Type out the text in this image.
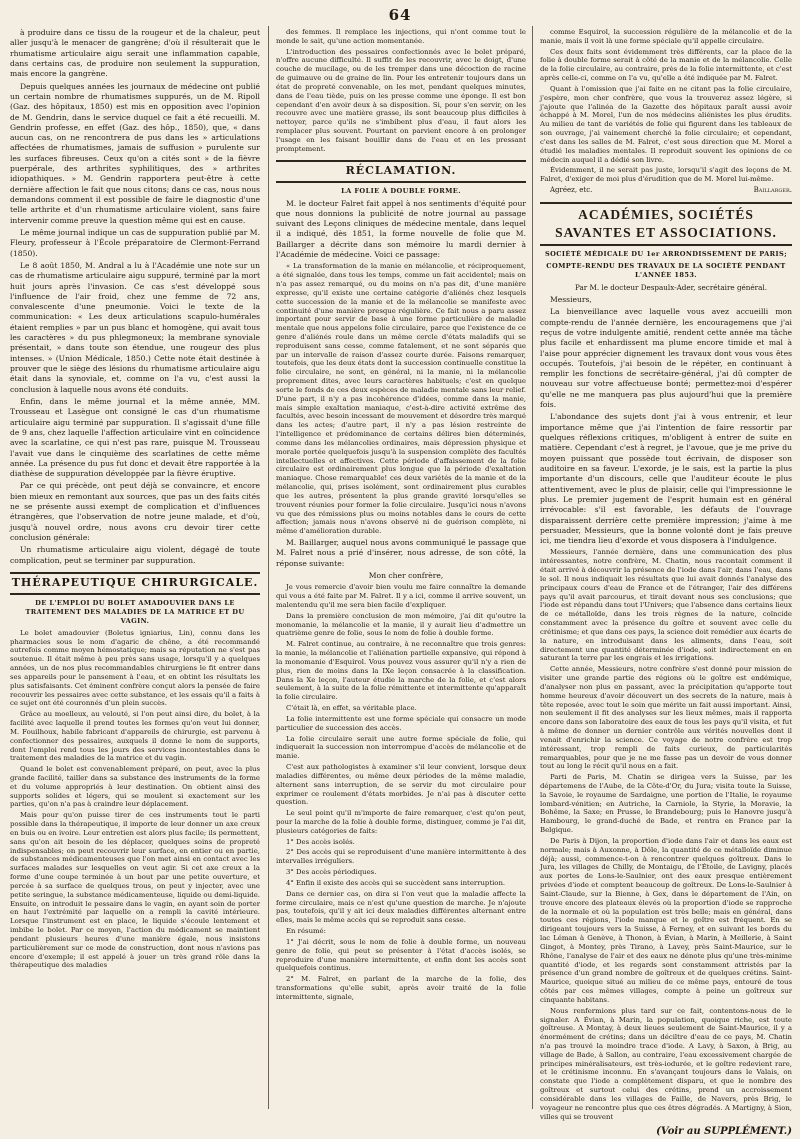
64

à produire dans ce tissu de la rougeur et de la chaleur, peut aller jusqu'à le menacer de gangrène; d'où il résulterait que le rhumatisme articulaire aigu serait une inflammation capable, dans certains cas, de produire non seulement la suppuration, mais encore la gangrène.

Depuis quelques années les journaux de médecine ont publié un certain nombre de rhumatismes suppurés, un de M. Ripoll (Gaz. des hôpitaux, 1850) est mis en opposition avec l'opinion de M. Gendrin, dans le service duquel ce fait a été recueilli. M. Gendrin professe, en effet (Gaz. des hôp., 1850), que, « dans aucun cas, on ne rencontrera de pus dans les » articulations affectées de rhumatismes, jamais de suffusion » purulente sur les surfaces fibreuses. Ceux qu'on a cités sont » de la fièvre puerpérale, des arthrites syphilitiques, des » arthrites idiopathiques. » M. Gendrin rapportera peut-être à cette dernière affection le fait que nous citons; dans ce cas, nous nous demandons comment il est possible de faire le diagnostic d'une telle arthrite et d'un rhumatisme articulaire violent, sans faire intervenir comme preuve la question même qui est en cause.

Le même journal indique un cas de suppuration publié par M. Fleury, professeur à l'École préparatoire de Clermont-Ferrand (1850).

Le 8 août 1850, M. Andral a lu à l'Académie une note sur un cas de rhumatisme articulaire aigu suppuré, terminé par la mort huit jours après l'invasion. Ce cas s'est développé sous l'influence de l'air froid, chez une femme de 72 ans, convalescente d'une pneumonie. Voici le texte de la communication: « Les deux articulations scapulo-humérales étaient remplies » par un pus blanc et homogène, qui avait tous les caractères » du pus phlegmoneux; la membrane synoviale présentait, » dans toute son étendue, une rougeur des plus intenses. » (Union Médicale, 1850.) Cette note était destinée à prouver que le siège des lésions du rhumatisme articulaire aigu était dans la synoviale, et, comme on l'a vu, c'est aussi la conclusion à laquelle nous avons été conduits.

Enfin, dans le même journal et la même année, MM. Trousseau et Lasègue ont consigné le cas d'un rhumatisme articulaire aigu terminé par suppuration. Il s'agissait d'une fille de 9 ans, chez laquelle l'affection articulaire vint en coïncidence avec la scarlatine, ce qui n'est pas rare, puisque M. Trousseau l'avait vue dans le cinquième des scarlatines de cette même année. La présence du pus fut donc et devait être rapportée à la diathèse de suppuration développée par la fièvre éruptive.

Par ce qui précède, ont peut déjà se convaincre, et encore bien mieux en remontant aux sources, que pas un des faits cités ne se présente aussi exempt de complication et d'influences étrangères, que l'observation de notre jeune malade, et d'où, jusqu'à nouvel ordre, nous avons cru devoir tirer cette conclusion générale:

Un rhumatisme articulaire aigu violent, dégagé de toute complication, peut se terminer par suppuration.

THÉRAPEUTIQUE CHIRURGICALE.
DE L'EMPLOI DU BOLET AMADOUVIER DANS LE TRAITEMENT DES MALADIES DE LA MATRICE ET DU VAGIN.

Le bolet amadouvier (Boletus igniarius, Lin), connu dans les pharmacies sous le nom d'agaric de chêne, a été recommandé autrefois comme moyen hémostatique; mais sa réputation ne s'est pas soutenue. Il était même à peu près sans usage, lorsqu'il y a quelques années, un de nos plus recommandables chirurgiens le fit entrer dans ses appareils pour le pansement à l'eau, et en obtint les résultats les plus satisfaisants. Cet éminent confrère conçut alors la pensée de faire recouvrir les pessaires avec cette substance, et les essais qu'il a faits à ce sujet ont été couronnés d'un plein succès.

Grâce au moelleux, au velouté, si l'on peut ainsi dire, du bolet, à la facilité avec laquelle il prend toutes les formes qu'on veut lui donner, M. Fouilhoux, habile fabricant d'appareils de chirurgie, est parvenu à confectionner des pessaires, auxquels il donne le nom de supports, dont l'emploi rend tous les jours des services incontestables dans le traitement des maladies de la matrice et du vagin.

Quand le bolet est convenablement préparé, on peut, avec la plus grande facilité, tailler dans sa substance des instruments de la forme et du volume appropriés à leur destination. On obtient ainsi des supports solides et légers, qui se moulent si exactement sur les parties, qu'on n'a pas à craindre leur déplacement.

Mais pour qu'on puisse tirer de ces instruments tout le parti possible dans la thérapeutique, il importe de leur donner un axe creux en buis ou en ivoire. Leur entretien est alors plus facile; ils permettent, sans qu'on ait besoin de les déplacer, quelques soins de propreté indispensables; on peut recouvrir leur surface, en entier ou en partie, de substances médicamenteuses que l'on met ainsi en contact avec les surfaces malades sur lesquelles on veut agir. Si cet axe creux a la forme d'une coupe terminée à un bout par une petite ouverture, et percée à sa surface de quelques trous, on peut y injecter, avec une petite seringue, la substance médicamenteuse, liquide ou demi-liquide. Ensuite, on introduit le pessaire dans le vagin, en ayant soin de porter en haut l'extrémité par laquelle on a rempli la cavité intérieure. Lorsque l'instrument est en place, le liquide s'écoule lentement et imbibe le bolet. Par ce moyen, l'action du médicament se maintient pendant plusieurs heures d'une manière égale, nous insistons particulièrement sur ce mode de construction, dont nous n'avions pas encore d'exemple; il est appelé à jouer un très grand rôle dans la thérapeutique des maladies

des femmes. Il remplace les injections, qui n'ont comme tout le monde le sait, qu'une action momentanée.

L'introduction des pessaires confectionnés avec le bolet préparé, n'offre aucune difficulté. Il suffit de les recouvrir, avec le doigt, d'une couche de mucilage, ou de les tremper dans une décoction de racine de guimauve ou de graine de lin. Pour les entretenir toujours dans un état de propreté convenable, on les met, pendant quelques minutes, dans de l'eau tiède, puis on les presse comme une éponge. Il est bon cependant d'en avoir deux à sa disposition. Si, pour s'en servir, on les recouvre avec une matière grasse, ils sont beaucoup plus difficiles à nettoyer, parce qu'ils ne s'imbibent plus d'eau, il faut alors les remplacer plus souvent. Pourtant on parvient encore à en prolonger l'usage en les faisant bouillir dans de l'eau et en les pressant promptement.

RÉCLAMATION.
LA FOLIE À DOUBLE FORME.

M. le docteur Falret fait appel à nos sentiments d'équité pour que nous donnions la publicité de notre journal au passage suivant des Leçons cliniques de médecine mentale, dans lequel il a indiqué, dès 1851, la forme nouvelle de folie que M. Baillarger a décrite dans son mémoire lu mardi dernier à l'Académie de médecine. Voici ce passage:

« La transformation de la manie en mélancolie, et réciproquement, a été signalée, dans tous les temps, comme un fait accidentel; mais on n'a pas assez remarqué, ou du moins on n'a pas dit, d'une manière expresse, qu'il existe une certaine catégorie d'aliénés chez lesquels cette succession de la manie et de la mélancolie se manifeste avec continuité d'une manière presque régulière. Ce fait nous a paru assez important pour servir de base à une forme particulière de maladie mentale que nous appelons folie circulaire, parce que l'existence de ce genre d'aliénés roule dans un même cercle d'états maladifs qui se reproduisent sans cesse, comme fatalement, et ne sont séparés que par un intervalle de raison d'assez courte durée. Faisons remarquer, toutefois, que les deux états dont la succession continuelle constitue la folie circulaire, ne sont, en général, ni la manie, ni la mélancolie proprement dites, avec leurs caractères habituels; c'est en quelque sorte le fonds de ces deux espèces de maladie mentale sans leur relief. D'une part, il n'y a pas incohérence d'idées, comme dans la manie, mais simple exaltation maniaque, c'est-à-dire activité extrême des facultés, avec besoin incessant de mouvement et désordre très marqué dans les actes; d'autre part, il n'y a pas lésion restreinte de l'intelligence et prédominance de certains délires bien déterminés, comme dans les mélancolies ordinaires, mais dépression physique et morale portée quelquefois jusqu'à la suspension complète des facultés intellectuelles et affectives. Cette période d'affaissement de la folie circulaire est ordinairement plus longue que la période d'exaltation maniaque. Chose remarquable! ces deux variétés de la manie et de la mélancolie, qui, prises isolément, sont ordinairement plus curables que les autres, présentent la plus grande gravité lorsqu'elles se trouvent réunies pour former la folie circulaire. Jusqu'ici nous n'avons vu que des rémissions plus ou moins notables dans le cours de cette affection; jamais nous n'avons observé ni de guérison complète, ni même d'amélioration durable.

M. Baillarger, auquel nous avons communiqué le passage que M. Falret nous a prié d'insérer, nous adresse, de son côté, la réponse suivante:

Mon cher confrère,

Je vous remercie d'avoir bien voulu me faire connaître la demande qui vous a été faite par M. Falret. Il y a ici, comme il arrive souvent, un malentendu qu'il me sera bien facile d'expliquer.

Dans la première conclusion de mon mémoire, j'ai dit qu'outre la monomanie, la mélancolie et la manie, il y aurait lieu d'admettre un quatrième genre de folie, sous le nom de folie à double forme.

M. Falret continue, au contraire, à ne reconnaître que trois genres: la manie, la mélancolie et l'aliénation partielle expansive, qui répond à la monomanie d'Esquirol. Vous pouvez vous assurer qu'il n'y a rien de plus, rien de moins dans la IXe leçon consacrée à la classification. Dans la Xe leçon, l'auteur étudie la marche de la folie, et c'est alors seulement, à la suite de la folie rémittente et intermittente qu'apparaît la folie circulaire.

C'était là, en effet, sa véritable place.

La folie intermittente est une forme spéciale qui consacre un mode particulier de succession des accès.

La folie circulaire serait une autre forme spéciale de folie, qui indiquerait la succession non interrompue d'accès de mélancolie et de manie.

C'est aux pathologistes à examiner s'il leur convient, lorsque deux maladies différentes, ou même deux périodes de la même maladie, alternent sans interruption, de se servir du mot circulaire pour exprimer ce roulement d'états morbides. Je n'ai pas à discuter cette question.

Le seul point qu'il m'importe de faire remarquer, c'est qu'on peut, pour la marche de la folie à double forme, distinguer, comme je l'ai dit, plusieurs catégories de faits:

1° Des accès isolés.

2° Des accès qui se reproduisent d'une manière intermittente à des intervalles irréguliers.

3° Des accès périodiques.

4° Enfin il existe des accès qui se succèdent sans interruption.

Dans ce dernier cas, on dira si l'on veut que la maladie affecte la forme circulaire, mais ce n'est qu'une question de marche. Je n'ajoute pas, toutefois, qu'il y ait ici deux maladies différentes alternant entre elles, mais le même accès qui se reproduit sans cesse.

En résumé:

1° J'ai décrit, sous le nom de folie à double forme, un nouveau genre de folie, qui peut se présenter à l'état d'accès isolés, se reproduire d'une manière intermittente, et enfin dont les accès sont quelquefois continus.

2° M. Falret, en parlant de la marche de la folie, des transformations qu'elle subit, après avoir traité de la folie intermittente, signale,

comme Esquirol, la succession régulière de la mélancolie et de la manie, mais il voit là une forme spéciale qu'il appelle circulaire.

Ces deux faits sont évidemment très différents, car la place de la folie à double forme serait à côté de la manie et de la mélancolie. Celle de la folie circulaire, au contraire, près de la folie intermittente, et c'est après celle-ci, comme on l'a vu, qu'elle a été indiquée par M. Falret.

Quant à l'omission que j'ai faite en ne citant pas la folie circulaire, j'espère, mon cher confrère, que vous la trouverez assez légère, si j'ajoute que l'alinéa de la Gazette des hôpitaux paraît aussi avoir échappé à M. Morel, l'un de nos médecins aliénistes les plus érudits. Au milieu de tant de variétés de folie qui figurent dans les tableaux de son ouvrage, j'ai vainement cherché la folie circulaire; et cependant, c'est dans les salles de M. Falret, c'est sous direction que M. Morel a étudié les maladies mentales. Il reproduit souvent les opinions de ce médecin auquel il a dédié son livre.

Évidemment, il ne serait pas juste, lorsqu'il s'agit des leçons de M. Falret, d'exiger de moi plus d'érudition que de M. Morel lui-même.

Agréez, etc.	Baillarger.
ACADÉMIES, SOCIÉTÉS SAVANTES ET ASSOCIATIONS.
SOCIÉTÉ MÉDICALE DU 1er ARRONDISSEMENT DE PARIS;
COMPTE-RENDU DES TRAVAUX DE LA SOCIÉTÉ PENDANT L'ANNÉE 1853.
Par M. le docteur Despaulx-Ader, secrétaire général.
Messieurs,

La bienveillance avec laquelle vous avez accueilli mon compte-rendu de l'année dernière, les encouragemens que j'ai reçus de votre indulgente amitié, rendent cette année ma tâche plus facile et enhardissent ma plume encore timide et mal à l'aise pour apprécier dignement les travaux dont vous vous êtes occupés. Toutefois, j'ai besoin de le répéter, en continuant à remplir les fonctions de secrétaire-général, j'ai dû compter de nouveau sur votre affectueuse bonté; permettez-moi d'espérer qu'elle ne me manquera pas plus aujourd'hui que la première fois.

L'abondance des sujets dont j'ai à vous entrenir, et leur importance même que j'ai l'intention de faire ressortir par quelques réflexions critiques, m'obligent à entrer de suite en matière. Cependant c'est à regret, je l'avoue, que je me prive du moyen puissant que possède tout écrivain, de disposer son auditoire en sa faveur. L'exorde, je le sais, est la partie la plus importante d'un discours, celle que l'auditeur écoute le plus attentivement, avec le plus de plaisir, celle qui l'impressionne le plus. Le premier jugement de l'esprit humain est en général irrévocable: s'il est favorable, les défauts de l'ouvrage disparaissent derrière cette première impression; j'aime à me persuader, Messieurs, que la bonne volonté dont je fais preuve ici, me tiendra lieu d'exorde et vous disposera à l'indulgence.

Messieurs, l'année dernière, dans une communication des plus intéressantes, notre confrère, M. Chatin, nous racontait comment il était arrivé à découvrir la présence de l'iode dans l'air, dans l'eau, dans le sol. Il nous indiquait les résultats que lui avait donnés l'analyse des principaux cours d'eau de France et de l'étranger, l'air des différens pays qu'il avait parcourus, et tirait devant nous ses conclusions; que l'iode est répandu dans tout l'Univers; que l'absence dans certains lieux de ce métalloïde, dans les trois règnes de la nature, coïncide constamment avec la présence du goître et souvent avec celle du crétinisme; et que dans ces pays, la science doit remédier aux écarts de la nature, en introduisant dans les aliments, dans l'eau, soit directement une quantité déterminée d'iode, soit indirectement en en saturant la terre par les engrais et les irrigations.

Cette année, Messieurs, notre confrère s'est donné pour mission de visiter une grande partie des régions où le goître est endémique, d'analyser non plus en passant, avec la précipitation qu'apporte tout homme heureux d'avoir découvert un des secrets de la nature, mais à tête reposée, avec tout le soin que mérite un fait aussi important. Ainsi, non seulement il fit des analyses sur les lieux mêmes, mais il rapporta encore dans son laboratoire des eaux de tous les pays qu'il visita, et fut à même de donner un dernier contrôle aux vérités nouvelles dont il venait d'enrichir la science. Ce voyage de notre confrère est trop intéressant, trop rempli de faits curieux, de particularités remarquables, pour que je ne me fasse pas un devoir de vous donner tout au long le récit qu'il nous en a fait.

Parti de Paris, M. Chatin se dirigea vers la Suisse, par les départemens de l'Aube, de la Côte-d'Or, du Jura; visita toute la Suisse, la Savoie, le royaume de Sardaigne, une portion de l'Italie, le royaume lombard-vénitien; en Autriche, la Carniole, la Styrie, la Moravie, la Bohême, la Saxe; en Prusse, le Brandebourg; puis le Hanovre jusqu'à Hambourg, le grand-duché de Bade, et rentra en France par la Belgique.

De Paris à Dijon, la proportion d'iode dans l'air et dans les eaux est normale; mais à Auxonne, à Dôle, la quantité de ce métalloïde diminue déjà; aussi, commence-t-on à rencontrer quelques goîtreux. Dans le Jura, les villages de Chilly, de Montaigu, de l'Étoile, de Lavigny, placés aux portes de Lons-le-Saulnier, ont des eaux presque entièrement privées d'iode et comptent beaucoup de goîtreux. De Lons-le-Saulnier à Saint-Claude, sur la Bienne, à Gex, dans le département de l'Ain, on trouve encore des plateaux élevés où la proportion d'iode se rapproche de la normale et où la population est très belle; mais en général, dans toutes ces régions, l'iode manque et le goître est fréquent. En se dirigeant toujours vers la Suisse, à Ferney, et en suivant les bords du lac Léman à Genève, à Thonon, à Évian, à Marin, à Meillerie, à Saint Gingot, à Montey, près Tirano, à Lavey, près Saint-Maurice, sur le Rhône, l'analyse de l'air et des eaux ne dénote plus qu'une très-minime quantité d'iode, et les regards sont constamment attristés par la présence d'un grand nombre de goîtreux et de quelques crétins. Saint-Maurice, quoique situé au milieu de ce même pays, entouré de tous côtés par ces mêmes villages, compte à peine un goîtreux sur cinquante habitans.

Nous renfermions plus tard sur ce fait, contentons-nous de le signaler. A Évian, à Marin, la population, quoique riche, est toute goîtreuse. A Montay, à deux lieues seulement de Saint-Maurice, il y a énormément de crétins; dans un déciltre d'eau de ce pays, M. Chatin n'a pas trouvé la moindre trace d'iode. A Lavy, à Saxon, à Brig, au village de Bade, à Sallon, au contraire, l'eau excessivement chargée de principes minéralisateurs, est très-iodurée, et le goître redevient rare, et le crétinisme inconnu. En s'avançant toujours dans le Valais, on constate que l'iode a complètement disparu, et que le nombre des goîtreux et surtout celui des crétins, prend un accroissement considérable dans les villages de Faille, de Navers, près Brig, le voyageur ne rencontre plus que ces êtres dégradés. A Martigny, à Sion, villes qui se trouvent

(Voir au SUPPLÉMENT.)
